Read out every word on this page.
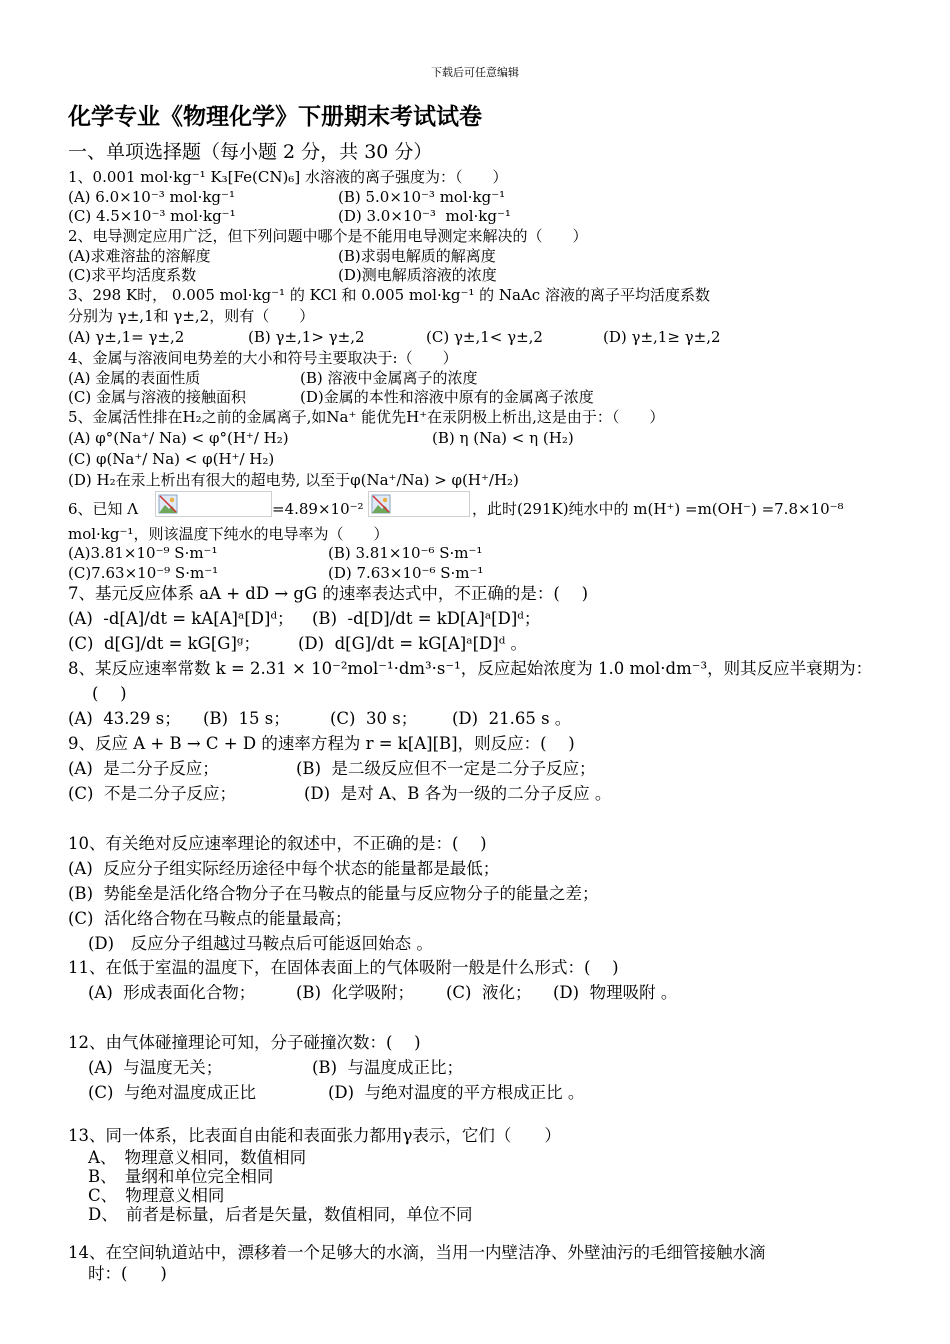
下载后可任意编辑
化学专业《物理化学》下册期末考试试卷
一、单项选择题（每小题 2 分，共 30 分）
1、0.001 mol·kg⁻¹ K₃[Fe(CN)₆] 水溶液的离子强度为：（　　）
(A) 6.0×10⁻³ mol·kg⁻¹	(B) 5.0×10⁻³ mol·kg⁻¹
(C) 4.5×10⁻³ mol·kg⁻¹	(D) 3.0×10⁻³  mol·kg⁻¹
2、电导测定应用广泛，但下列问题中哪个是不能用电导测定来解决的（　　）
(A)求难溶盐的溶解度	(B)求弱电解质的解离度
(C)求平均活度系数	(D)测电解质溶液的浓度
3、298 K时， 0.005 mol·kg⁻¹ 的 KCl 和 0.005 mol·kg⁻¹ 的 NaAc 溶液的离子平均活度系数
分别为 γ±,1和 γ±,2，则有（　　）
(A) γ±,1= γ±,2	(B) γ±,1> γ±,2	(C) γ±,1< γ±,2	(D) γ±,1≥ γ±,2
4、金属与溶液间电势差的大小和符号主要取决于:（　　）
(A) 金属的表面性质	(B) 溶液中金属离子的浓度
(C) 金属与溶液的接触面积	(D)金属的本性和溶液中原有的金属离子浓度
5、金属活性排在H₂之前的金属离子,如Na⁺ 能优先H⁺在汞阴极上析出,这是由于：（　　）
(A) φ°(Na⁺/ Na) < φ°(H⁺/ H₂)	(B) η (Na) < η (H₂)
(C) φ(Na⁺/ Na) < φ(H⁺/ H₂)
(D) H₂在汞上析出有很大的超电势, 以至于φ(Na⁺/Na) > φ(H⁺/H₂)
6、已知 Λ	=4.89×10⁻²	，此时(291K)纯水中的 m(H⁺) =m(OH⁻) =7.8×10⁻⁸
mol·kg⁻¹，则该温度下纯水的电导率为（　　）
(A)3.81×10⁻⁹ S·m⁻¹	(B) 3.81×10⁻⁶ S·m⁻¹
(C)7.63×10⁻⁹ S·m⁻¹	(D) 7.63×10⁻⁶ S·m⁻¹
7、基元反应体系 aA + dD → gG 的速率表达式中，不正确的是：(　 )
(A)  -d[A]/dt = kA[A]ᵃ[D]ᵈ； (B)  -d[D]/dt = kD[A]ᵃ[D]ᵈ；
(C)  d[G]/dt = kG[G]ᵍ； (D)  d[G]/dt = kG[A]ᵃ[D]ᵈ 。
8、某反应速率常数 k = 2.31 × 10⁻²mol⁻¹·dm³·s⁻¹，反应起始浓度为 1.0 mol·dm⁻³，则其反应半衰期为：
(　 )
(A)  43.29 s； (B)  15 s； (C)  30 s； (D)  21.65 s 。
9、反应 A + B → C + D 的速率方程为 r = k[A][B]，则反应：(　 )
(A)  是二分子反应；	(B)  是二级反应但不一定是二分子反应；
(C)  不是二分子反应；	(D)  是对 A、B 各为一级的二分子反应 。
10、有关绝对反应速率理论的叙述中，不正确的是：(　 )
(A)  反应分子组实际经历途径中每个状态的能量都是最低；
(B)  势能垒是活化络合物分子在马鞍点的能量与反应物分子的能量之差；
(C)  活化络合物在马鞍点的能量最高；
(D)　反应分子组越过马鞍点后可能返回始态 。
11、在低于室温的温度下，在固体表面上的气体吸附一般是什么形式：(　 )
(A)  形成表面化合物； (B)  化学吸附； (C)  液化； (D)  物理吸附 。
12、由气体碰撞理论可知，分子碰撞次数：(　 )
(A)  与温度无关；	(B)  与温度成正比；
(C)  与绝对温度成正比	(D)  与绝对温度的平方根成正比 。
13、同一体系，比表面自由能和表面张力都用γ表示，它们（　　）
A、　物理意义相同，数值相同
B、　量纲和单位完全相同
C、　物理意义相同
D、　前者是标量，后者是矢量，数值相同，单位不同
14、在空间轨道站中，漂移着一个足够大的水滴，当用一内壁洁净、外壁油污的毛细管接触水滴
时：(　　)
